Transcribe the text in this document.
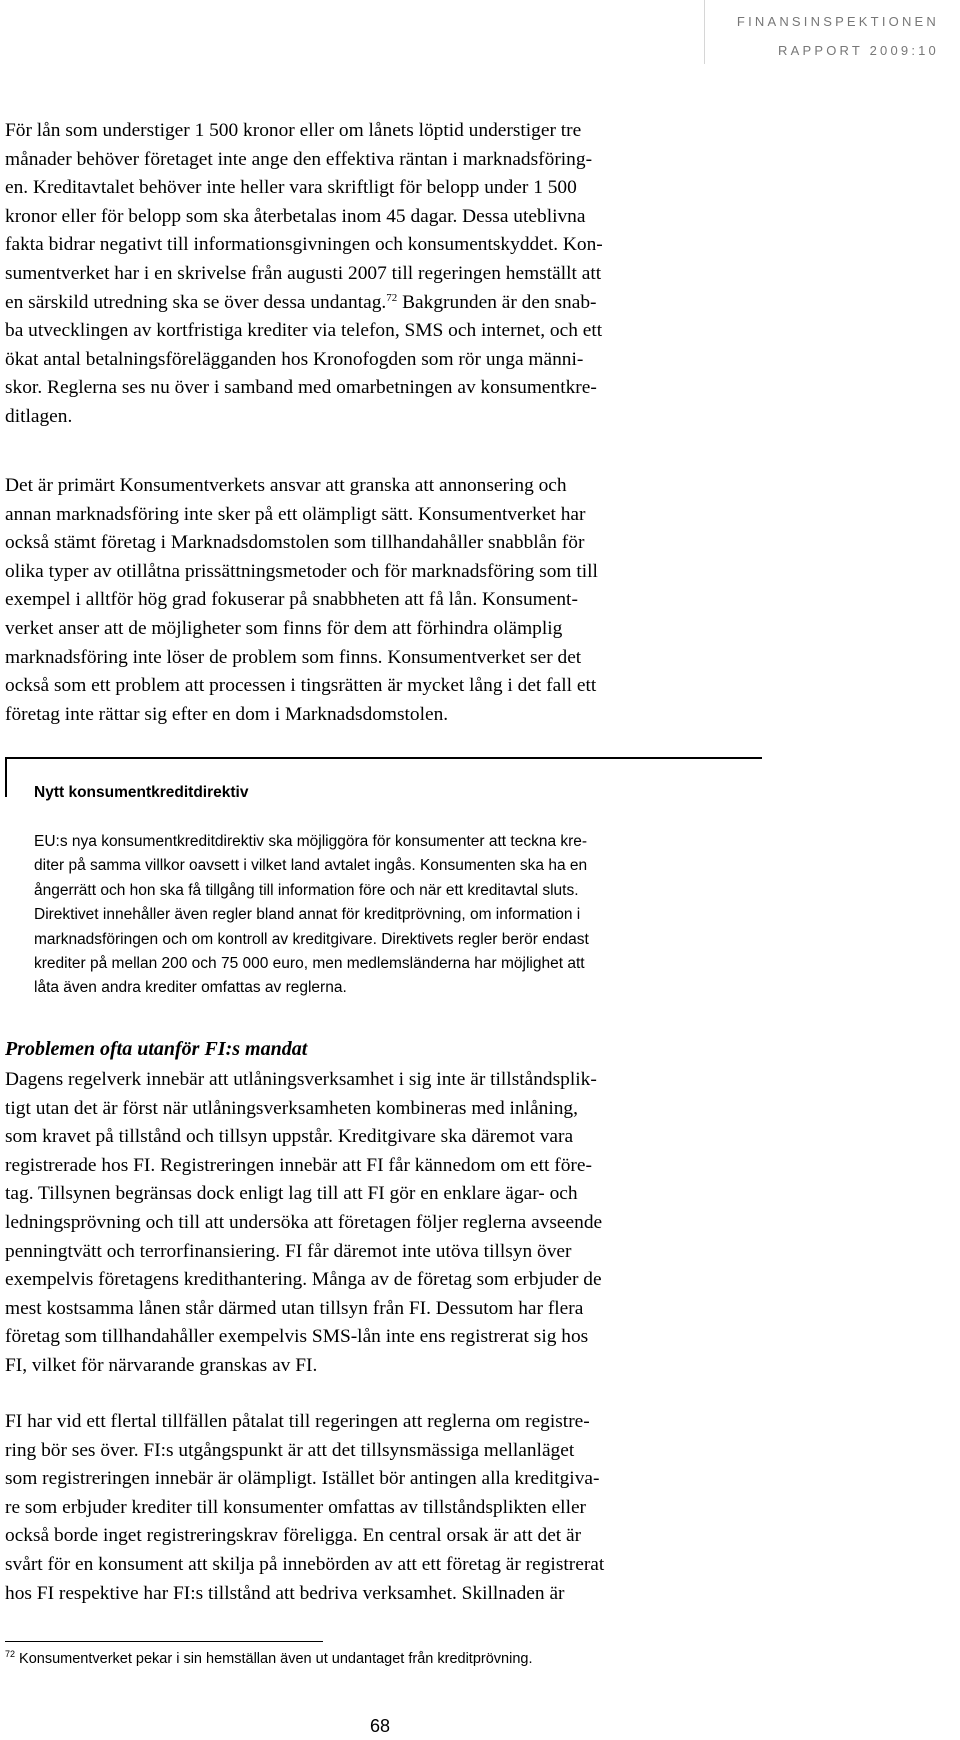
FINANSINSPEKTIONEN
RAPPORT 2009:10

För lån som understiger 1 500 kronor eller om lånets löptid understiger tre
månader behöver företaget inte ange den effektiva räntan i marknadsföring-
en. Kreditavtalet behöver inte heller vara skriftligt för belopp under 1 500
kronor eller för belopp som ska återbetalas inom 45 dagar. Dessa uteblivna
fakta bidrar negativt till informationsgivningen och konsumentskyddet. Kon-
sumentverket har i en skrivelse från augusti 2007 till regeringen hemställt att
en särskild utredning ska se över dessa undantag.$^{72}$ Bakgrunden är den snab-
ba utvecklingen av kortfristiga krediter via telefon, SMS och internet, och ett
ökat antal betalningsförelägganden hos Kronofogden som rör unga männi-
skor. Reglerna ses nu över i samband med omarbetningen av konsumentkre-
ditlagen.

Det är primärt Konsumentverkets ansvar att granska att annonsering och
annan marknadsföring inte sker på ett olämpligt sätt. Konsumentverket har
också stämt företag i Marknadsdomstolen som tillhandahåller snabblån för
olika typer av otillåtna prissättningsmetoder och för marknadsföring som till
exempel i alltför hög grad fokuserar på snabbheten att få lån. Konsument-
verket anser att de möjligheter som finns för dem att förhindra olämplig
marknadsföring inte löser de problem som finns. Konsumentverket ser det
också som ett problem att processen i tingsrätten är mycket lång i det fall ett
företag inte rättar sig efter en dom i Marknadsdomstolen.

Nytt konsumentkreditdirektiv

EU:s nya konsumentkreditdirektiv ska möjliggöra för konsumenter att teckna kre-
diter på samma villkor oavsett i vilket land avtalet ingås. Konsumenten ska ha en
ångerrätt och hon ska få tillgång till information före och när ett kreditavtal sluts.
Direktivet innehåller även regler bland annat för kreditprövning, om information i
marknadsföringen och om kontroll av kreditgivare. Direktivets regler berör endast
krediter på mellan 200 och 75 000 euro, men medlemsländerna har möjlighet att
låta även andra krediter omfattas av reglerna.

Problemen ofta utanför FI:s mandat

Dagens regelverk innebär att utlåningsverksamhet i sig inte är tillståndsplik-
tigt utan det är först när utlåningsverksamheten kombineras med inlåning,
som kravet på tillstånd och tillsyn uppstår. Kreditgivare ska däremot vara
registrerade hos FI. Registreringen innebär att FI får kännedom om ett före-
tag. Tillsynen begränsas dock enligt lag till att FI gör en enklare ägar- och
ledningsprövning och till att undersöka att företagen följer reglerna avseende
penningtvätt och terrorfinansiering. FI får däremot inte utöva tillsyn över
exempelvis företagens kredithantering. Många av de företag som erbjuder de
mest kostsamma lånen står därmed utan tillsyn från FI. Dessutom har flera
företag som tillhandahåller exempelvis SMS-lån inte ens registrerat sig hos
FI, vilket för närvarande granskas av FI.

FI har vid ett flertal tillfällen påtalat till regeringen att reglerna om registre-
ring bör ses över. FI:s utgångspunkt är att det tillsynsmässiga mellanläget
som registreringen innebär är olämpligt. Istället bör antingen alla kreditgiva-
re som erbjuder krediter till konsumenter omfattas av tillståndsplikten eller
också borde inget registreringskrav föreligga. En central orsak är att det är
svårt för en konsument att skilja på innebörden av att ett företag är registrerat
hos FI respektive har FI:s tillstånd att bedriva verksamhet. Skillnaden är

$^{72}$ Konsumentverket pekar i sin hemställan även ut undantaget från kreditprövning.
68
